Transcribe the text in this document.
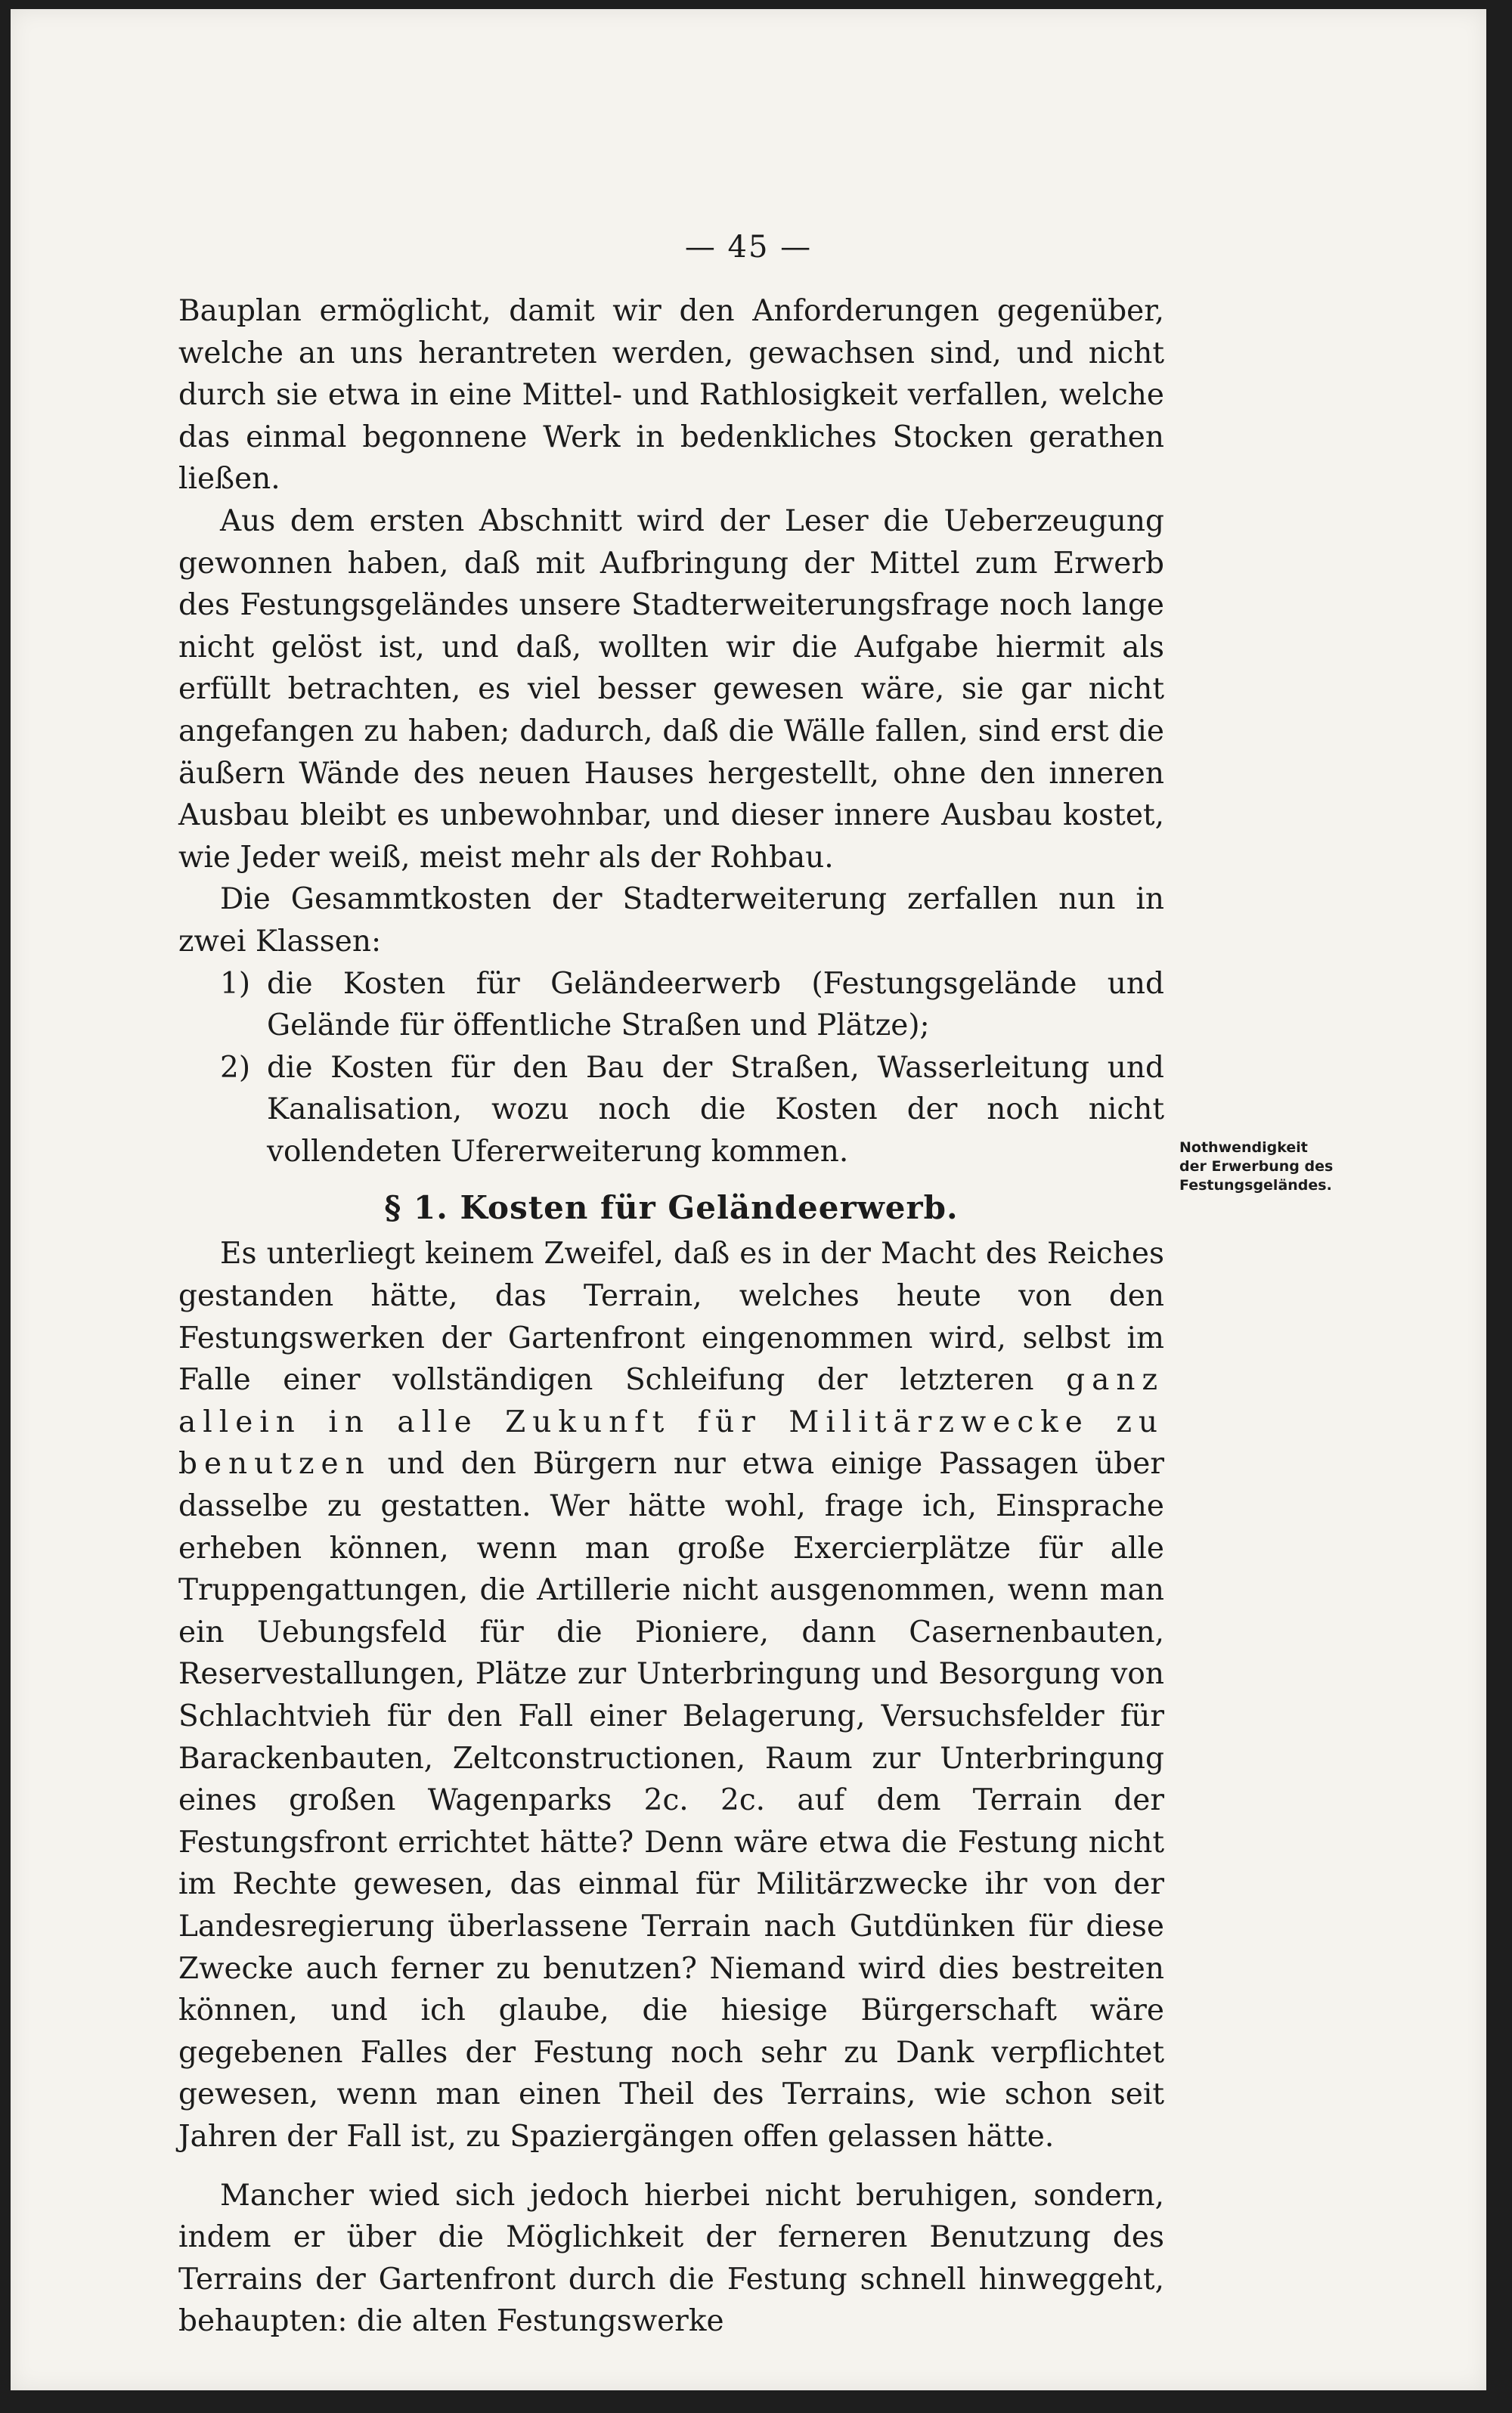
— 45 —

Bauplan ermöglicht, damit wir den Anforderungen gegenüber, welche an uns herantreten werden, gewachsen sind, und nicht durch sie etwa in eine Mittel- und Rathlosigkeit verfallen, welche das einmal begonnene Werk in bedenkliches Stocken gerathen ließen.

Aus dem ersten Abschnitt wird der Leser die Ueberzeugung gewonnen haben, daß mit Aufbringung der Mittel zum Erwerb des Festungsgeländes unsere Stadterweiterungsfrage noch lange nicht gelöst ist, und daß, wollten wir die Aufgabe hiermit als erfüllt betrachten, es viel besser gewesen wäre, sie gar nicht angefangen zu haben; dadurch, daß die Wälle fallen, sind erst die äußern Wände des neuen Hauses hergestellt, ohne den inneren Ausbau bleibt es unbewohnbar, und dieser innere Ausbau kostet, wie Jeder weiß, meist mehr als der Rohbau.

Die Gesammtkosten der Stadterweiterung zerfallen nun in zwei Klassen:

1) die Kosten für Geländeerwerb (Festungsgelände und Gelände für öffentliche Straßen und Plätze);
2) die Kosten für den Bau der Straßen, Wasserleitung und Kanalisation, wozu noch die Kosten der noch nicht vollendeten Ufererweiterung kommen.
§ 1. Kosten für Geländeerwerb.

Es unterliegt keinem Zweifel, daß es in der Macht des Reiches gestanden hätte, das Terrain, welches heute von den Festungswerken der Gartenfront eingenommen wird, selbst im Falle einer vollständigen Schleifung der letzteren ganz allein in alle Zukunft für Militärzwecke zu benutzen und den Bürgern nur etwa einige Passagen über dasselbe zu gestatten. Wer hätte wohl, frage ich, Einsprache erheben können, wenn man große Exercierplätze für alle Truppengattungen, die Artillerie nicht ausgenommen, wenn man ein Uebungsfeld für die Pioniere, dann Casernenbauten, Reservestallungen, Plätze zur Unterbringung und Besorgung von Schlachtvieh für den Fall einer Belagerung, Versuchsfelder für Barackenbauten, Zeltconstructionen, Raum zur Unterbringung eines großen Wagenparks 2c. 2c. auf dem Terrain der Festungsfront errichtet hätte? Denn wäre etwa die Festung nicht im Rechte gewesen, das einmal für Militärzwecke ihr von der Landesregierung überlassene Terrain nach Gutdünken für diese Zwecke auch ferner zu benutzen? Niemand wird dies bestreiten können, und ich glaube, die hiesige Bürgerschaft wäre gegebenen Falles der Festung noch sehr zu Dank verpflichtet gewesen, wenn man einen Theil des Terrains, wie schon seit Jahren der Fall ist, zu Spaziergängen offen gelassen hätte.

Mancher wied sich jedoch hierbei nicht beruhigen, sondern, indem er über die Möglichkeit der ferneren Benutzung des Terrains der Gartenfront durch die Festung schnell hinweggeht, behaupten: die alten Festungswerke

Nothwendigkeit
der Erwerbung des
Festungsgeländes.
